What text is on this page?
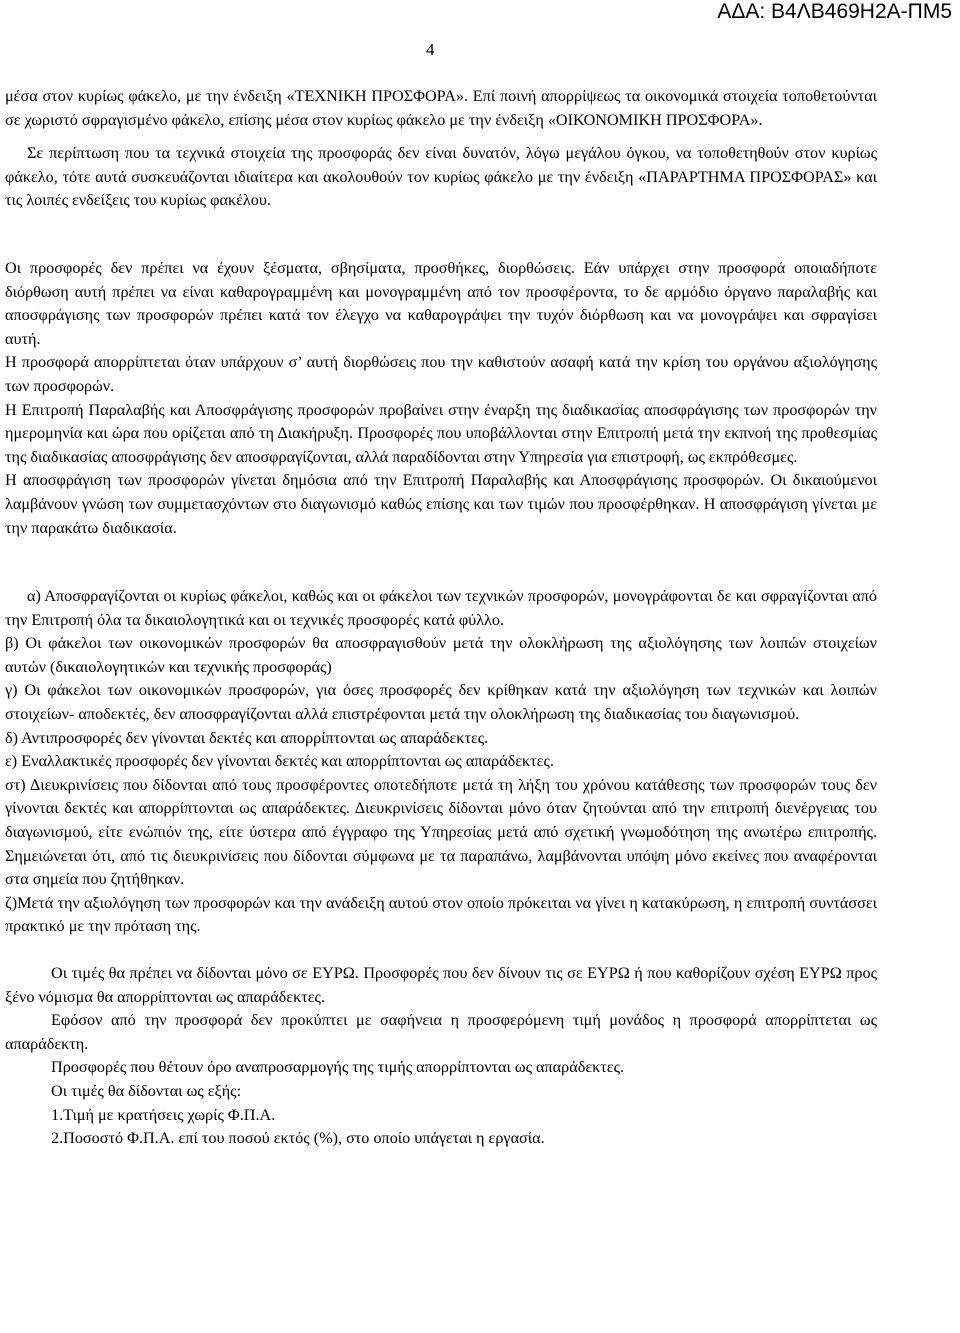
ΑΔΑ: Β4ΛΒ469Η2Α-ΠΜ5
4

μέσα στον κυρίως φάκελο, με την ένδειξη «ΤΕΧΝΙΚΗ ΠΡΟΣΦΟΡΑ». Επί ποινή απορρίψεως τα οικονομικά στοιχεία τοποθετούνται σε χωριστό σφραγισμένο φάκελο, επίσης μέσα στον κυρίως φάκελο με την ένδειξη «ΟΙΚΟΝΟΜΙΚΗ ΠΡΟΣΦΟΡΑ».

Σε περίπτωση που τα τεχνικά στοιχεία της προσφοράς δεν είναι δυνατόν, λόγω μεγάλου όγκου, να τοποθετηθούν στον κυρίως φάκελο, τότε αυτά συσκευάζονται ιδιαίτερα και ακολουθούν τον κυρίως φάκελο με την ένδειξη «ΠΑΡΑΡΤΗΜΑ ΠΡΟΣΦΟΡΑΣ» και τις λοιπές ενδείξεις του κυρίως φακέλου.

Οι προσφορές δεν πρέπει να έχουν ξέσματα, σβησίματα, προσθήκες, διορθώσεις. Εάν υπάρχει στην προσφορά οποιαδήποτε διόρθωση αυτή πρέπει να είναι καθαρογραμμένη και μονογραμμένη από τον προσφέροντα, το δε αρμόδιο όργανο παραλαβής και αποσφράγισης των προσφορών πρέπει κατά τον έλεγχο να καθαρογράψει την τυχόν διόρθωση και να μονογράψει και σφραγίσει αυτή.

Η προσφορά απορρίπτεται όταν υπάρχουν σ’ αυτή διορθώσεις που την καθιστούν ασαφή κατά την κρίση του οργάνου αξιολόγησης των προσφορών.

Η Επιτροπή Παραλαβής και Αποσφράγισης προσφορών προβαίνει στην έναρξη της διαδικασίας αποσφράγισης των προσφορών την ημερομηνία και ώρα που ορίζεται από τη Διακήρυξη. Προσφορές που υποβάλλονται στην Επιτροπή μετά την εκπνοή της προθεσμίας της διαδικασίας αποσφράγισης δεν αποσφραγίζονται, αλλά παραδίδονται στην Υπηρεσία για επιστροφή, ως εκπρόθεσμες.

Η αποσφράγιση των προσφορών γίνεται δημόσια από την Επιτροπή Παραλαβής και Αποσφράγισης προσφορών. Οι δικαιούμενοι λαμβάνουν γνώση των συμμετασχόντων στο διαγωνισμό καθώς επίσης και των τιμών που προσφέρθηκαν. Η αποσφράγιση γίνεται με την παρακάτω διαδικασία.

α) Αποσφραγίζονται οι κυρίως φάκελοι, καθώς και οι φάκελοι των τεχνικών προσφορών, μονογράφονται δε και σφραγίζονται από την Επιτροπή όλα τα δικαιολογητικά και οι τεχνικές προσφορές κατά φύλλο.

β) Οι φάκελοι των οικονομικών προσφορών θα αποσφραγισθούν μετά την ολοκλήρωση της αξιολόγησης των λοιπών στοιχείων αυτών (δικαιολογητικών και τεχνικής προσφοράς)

γ) Οι φάκελοι των οικονομικών προσφορών, για όσες προσφορές δεν κρίθηκαν κατά την αξιολόγηση των τεχνικών και λοιπών στοιχείων- αποδεκτές, δεν αποσφραγίζονται αλλά επιστρέφονται μετά την ολοκλήρωση της διαδικασίας του διαγωνισμού.

δ) Αντιπροσφορές δεν γίνονται δεκτές και απορρίπτονται ως απαράδεκτες.

ε) Εναλλακτικές προσφορές δεν γίνονται δεκτές και απορρίπτονται ως απαράδεκτες.

στ) Διευκρινίσεις που δίδονται από τους προσφέροντες οποτεδήποτε μετά τη λήξη του χρόνου κατάθεσης των προσφορών τους δεν γίνονται δεκτές και απορρίπτονται ως απαράδεκτες. Διευκρινίσεις δίδονται μόνο όταν ζητούνται από την επιτροπή διενέργειας του διαγωνισμού, είτε ενώπιόν της, είτε ύστερα από έγγραφο της Υπηρεσίας μετά από σχετική γνωμοδότηση της ανωτέρω επιτροπής. Σημειώνεται ότι, από τις διευκρινίσεις που δίδονται σύμφωνα με τα παραπάνω, λαμβάνονται υπόψη μόνο εκείνες που αναφέρονται στα σημεία που ζητήθηκαν.

ζ)Μετά την αξιολόγηση των προσφορών και την ανάδειξη αυτού στον οποίο πρόκειται να γίνει η κατακύρωση, η επιτροπή συντάσσει πρακτικό με την πρόταση της.

Οι τιμές θα πρέπει να δίδονται μόνο σε ΕΥΡΩ. Προσφορές που δεν δίνουν τις σε ΕΥΡΩ ή που καθορίζουν σχέση ΕΥΡΩ προς ξένο νόμισμα θα απορρίπτονται ως απαράδεκτες.

Εφόσον από την προσφορά δεν προκύπτει με σαφήνεια η προσφερόμενη τιμή μονάδος η προσφορά απορρίπτεται ως απαράδεκτη.

Προσφορές που θέτουν όρο αναπροσαρμογής της τιμής απορρίπτονται ως απαράδεκτες.

Οι τιμές θα δίδονται ως εξής:

1.Τιμή με κρατήσεις χωρίς Φ.Π.Α.

2.Ποσοστό Φ.Π.Α. επί του ποσού εκτός (%), στο οποίο υπάγεται η εργασία.
